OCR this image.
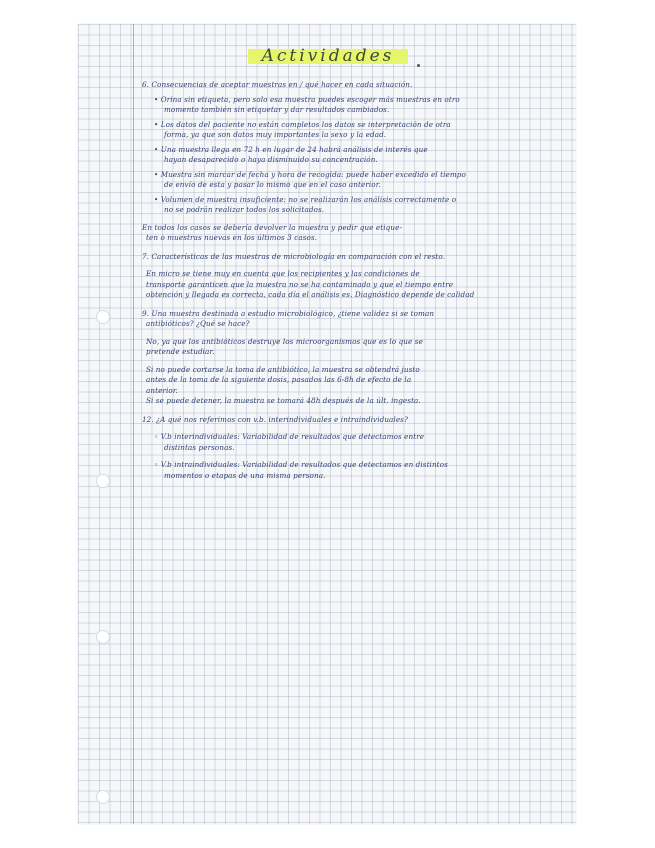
Actividades
6. Consecuencias de aceptar muestras en / qué hacer en cada situación.
• Orina sin etiqueta, pero solo esa muestra puedes escoger más muestras en otro
momento también sin etiquetar y dar resultados cambiados.
• Los datos del paciente no están completos los datos se interpretación de otra
forma, ya que son datos muy importantes la sexo y la edad.
• Una muestra llega en 72 h en lugar de 24 habrá análisis de interés que
hayan desaparecido o haya disminuido su concentración.
• Muestra sin marcar de fecha y hora de recogida: puede haber excedido el tiempo
de envío de esta y pasar lo mismo que en el caso anterior.
• Volumen de muestra insuficiente: no se realizarán los análisis correctamente o
no se podrán realizar todos los solicitados.
En todos los casos se debería devolver la muestra y pedir que etique-
ten o muestras nuevas en los últimos 3 casos.
7. Características de las muestras de microbiología en comparación con el resto.
En micro se tiene muy en cuenta que los recipientes y las condiciones de
transporte garanticen que la muestra no se ha contaminado y que el tiempo entre
obtención y llegada es correcta, cada día el análisis es. Diagnóstico depende de calidad
9. Una muestra destinada a estudio microbiológico, ¿tiene validez si se toman
antibióticos? ¿Qué se hace?
No, ya que los antibióticos destruye los microorganismos que es lo que se
pretende estudiar.
Si no puede cortarse la toma de antibiótico, la muestra se obtendrá justo
antes de la toma de la siguiente dosis, pasados las 6-8h de efecto de la
anterior.
Si se puede detener, la muestra se tomará 48h después de la últ. ingesta.
12. ¿A qué nos referimos con v.b. interindividuales e intraindividuales?
◦ V.b interindividuales: Variabilidad de resultados que detectamos entre
distintas personas.
◦ V.b intraindividuales: Variabilidad de resultados que detectamos en distintos
momentos o etapas de una misma persona.
